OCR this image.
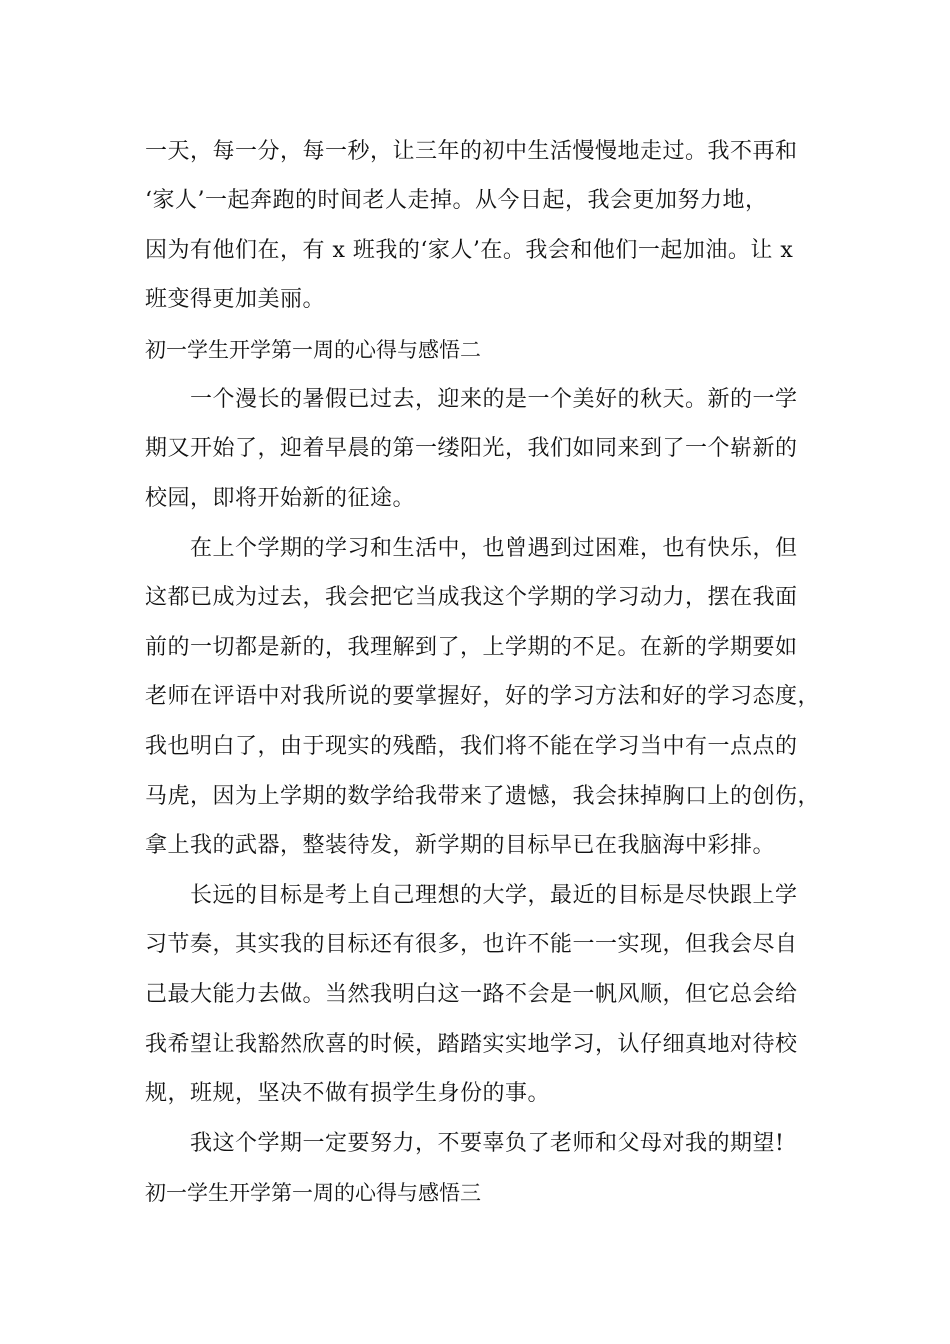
一天，每一分，每一秒，让三年的初中生活慢慢地走过。我不再和
‘家人’一起奔跑的时间老人走掉。从今日起，我会更加努力地，
因为有他们在，有 x 班我的‘家人’在。我会和他们一起加油。让 x
班变得更加美丽。
初一学生开学第一周的心得与感悟二
一个漫长的暑假已过去，迎来的是一个美好的秋天。新的一学
期又开始了，迎着早晨的第一缕阳光，我们如同来到了一个崭新的
校园，即将开始新的征途。
在上个学期的学习和生活中，也曾遇到过困难，也有快乐，但
这都已成为过去，我会把它当成我这个学期的学习动力，摆在我面
前的一切都是新的，我理解到了，上学期的不足。在新的学期要如
老师在评语中对我所说的要掌握好，好的学习方法和好的学习态度，
我也明白了，由于现实的残酷，我们将不能在学习当中有一点点的
马虎，因为上学期的数学给我带来了遗憾，我会抹掉胸口上的创伤，
拿上我的武器，整装待发，新学期的目标早已在我脑海中彩排。
长远的目标是考上自己理想的大学，最近的目标是尽快跟上学
习节奏，其实我的目标还有很多，也许不能一一实现，但我会尽自
己最大能力去做。当然我明白这一路不会是一帆风顺，但它总会给
我希望让我豁然欣喜的时候，踏踏实实地学习，认仔细真地对待校
规，班规，坚决不做有损学生身份的事。
我这个学期一定要努力，不要辜负了老师和父母对我的期望!
初一学生开学第一周的心得与感悟三
